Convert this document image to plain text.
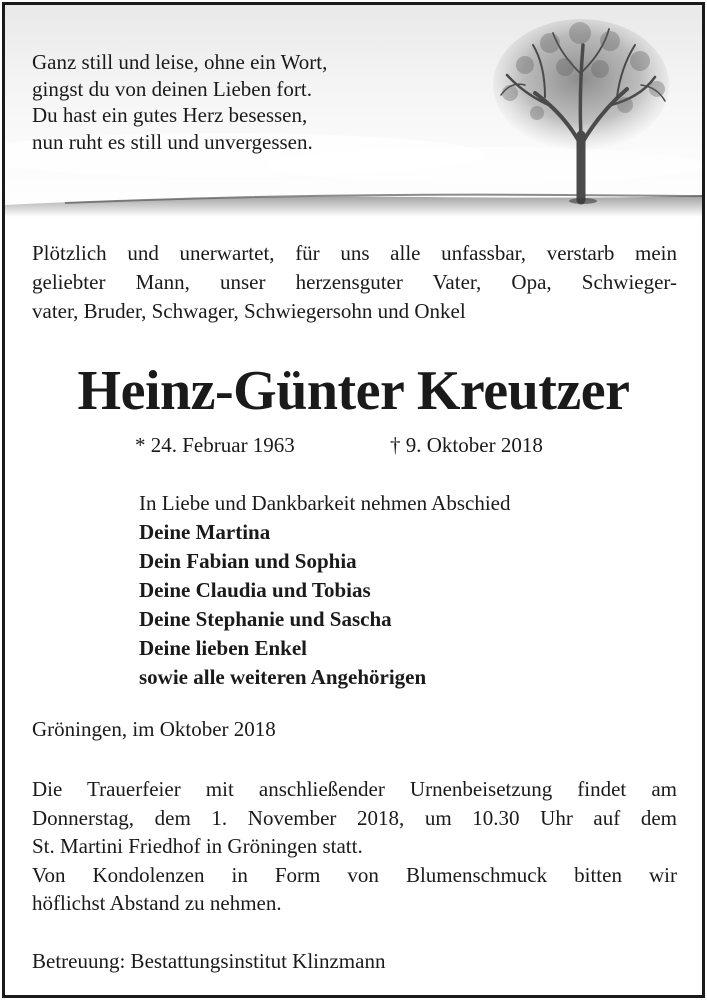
Ganz still und leise, ohne ein Wort,
gingst du von deinen Lieben fort.
Du hast ein gutes Herz besessen,
nun ruht es still und unvergessen.
Plötzlich und unerwartet, für uns alle unfassbar, verstarb mein
geliebter Mann, unser herzensguter Vater, Opa, Schwieger-
vater, Bruder, Schwager, Schwiegersohn und Onkel
Heinz-Günter Kreutzer
* 24. Februar 1963	† 9. Oktober 2018
In Liebe und Dankbarkeit nehmen Abschied
Deine Martina
Dein Fabian und Sophia
Deine Claudia und Tobias
Deine Stephanie und Sascha
Deine lieben Enkel
sowie alle weiteren Angehörigen
Gröningen, im Oktober 2018
Die Trauerfeier mit anschließender Urnenbeisetzung findet am
Donnerstag, dem 1. November 2018, um 10.30 Uhr auf dem
St. Martini Friedhof in Gröningen statt.
Von Kondolenzen in Form von Blumenschmuck bitten wir
höflichst Abstand zu nehmen.
Betreuung: Bestattungsinstitut Klinzmann
